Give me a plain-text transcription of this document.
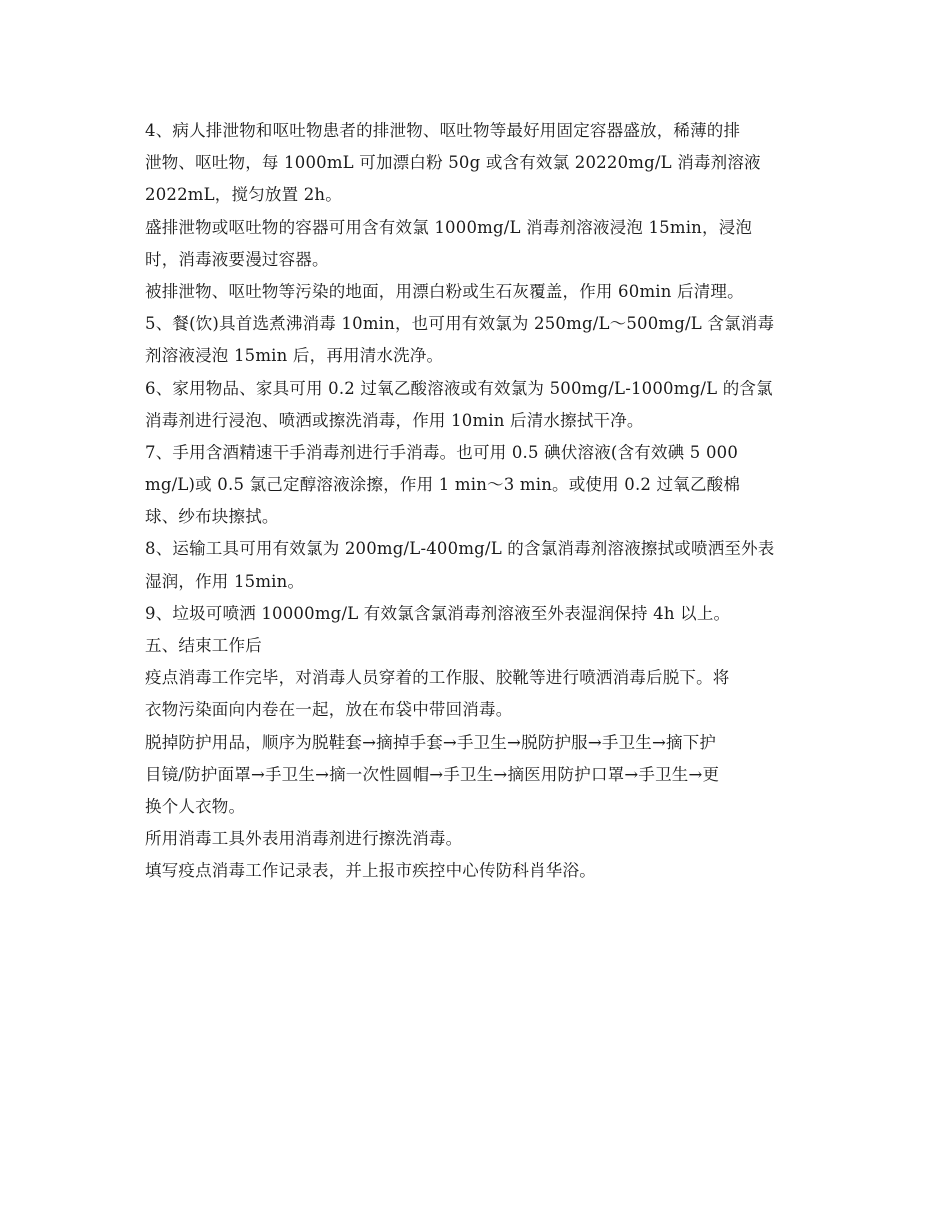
4、病人排泄物和呕吐物患者的排泄物、呕吐物等最好用固定容器盛放，稀薄的排
泄物、呕吐物，每 1000mL 可加漂白粉 50g 或含有效氯 20220mg/L 消毒剂溶液
2022mL，搅匀放置 2h。
盛排泄物或呕吐物的容器可用含有效氯 1000mg/L 消毒剂溶液浸泡 15min，浸泡
时，消毒液要漫过容器。
被排泄物、呕吐物等污染的地面，用漂白粉或生石灰覆盖，作用 60min 后清理。
5、餐(饮)具首选煮沸消毒 10min，也可用有效氯为 250mg/L～500mg/L 含氯消毒
剂溶液浸泡 15min 后，再用清水洗净。
6、家用物品、家具可用 0.2 过氧乙酸溶液或有效氯为 500mg/L-1000mg/L 的含氯
消毒剂进行浸泡、喷洒或擦洗消毒，作用 10min 后清水擦拭干净。
7、手用含酒精速干手消毒剂进行手消毒。也可用 0.5 碘伏溶液(含有效碘 5 000
mg/L)或 0.5 氯己定醇溶液涂擦，作用 1 min～3 min。或使用 0.2 过氧乙酸棉
球、纱布块擦拭。
8、运输工具可用有效氯为 200mg/L-400mg/L 的含氯消毒剂溶液擦拭或喷洒至外表
湿润，作用 15min。
9、垃圾可喷洒 10000mg/L 有效氯含氯消毒剂溶液至外表湿润保持 4h 以上。
五、结束工作后
疫点消毒工作完毕，对消毒人员穿着的工作服、胶靴等进行喷洒消毒后脱下。将
衣物污染面向内卷在一起，放在布袋中带回消毒。
脱掉防护用品，顺序为脱鞋套→摘掉手套→手卫生→脱防护服→手卫生→摘下护
目镜/防护面罩→手卫生→摘一次性圆帽→手卫生→摘医用防护口罩→手卫生→更
换个人衣物。
所用消毒工具外表用消毒剂进行擦洗消毒。
填写疫点消毒工作记录表，并上报市疾控中心传防科肖华浴。
